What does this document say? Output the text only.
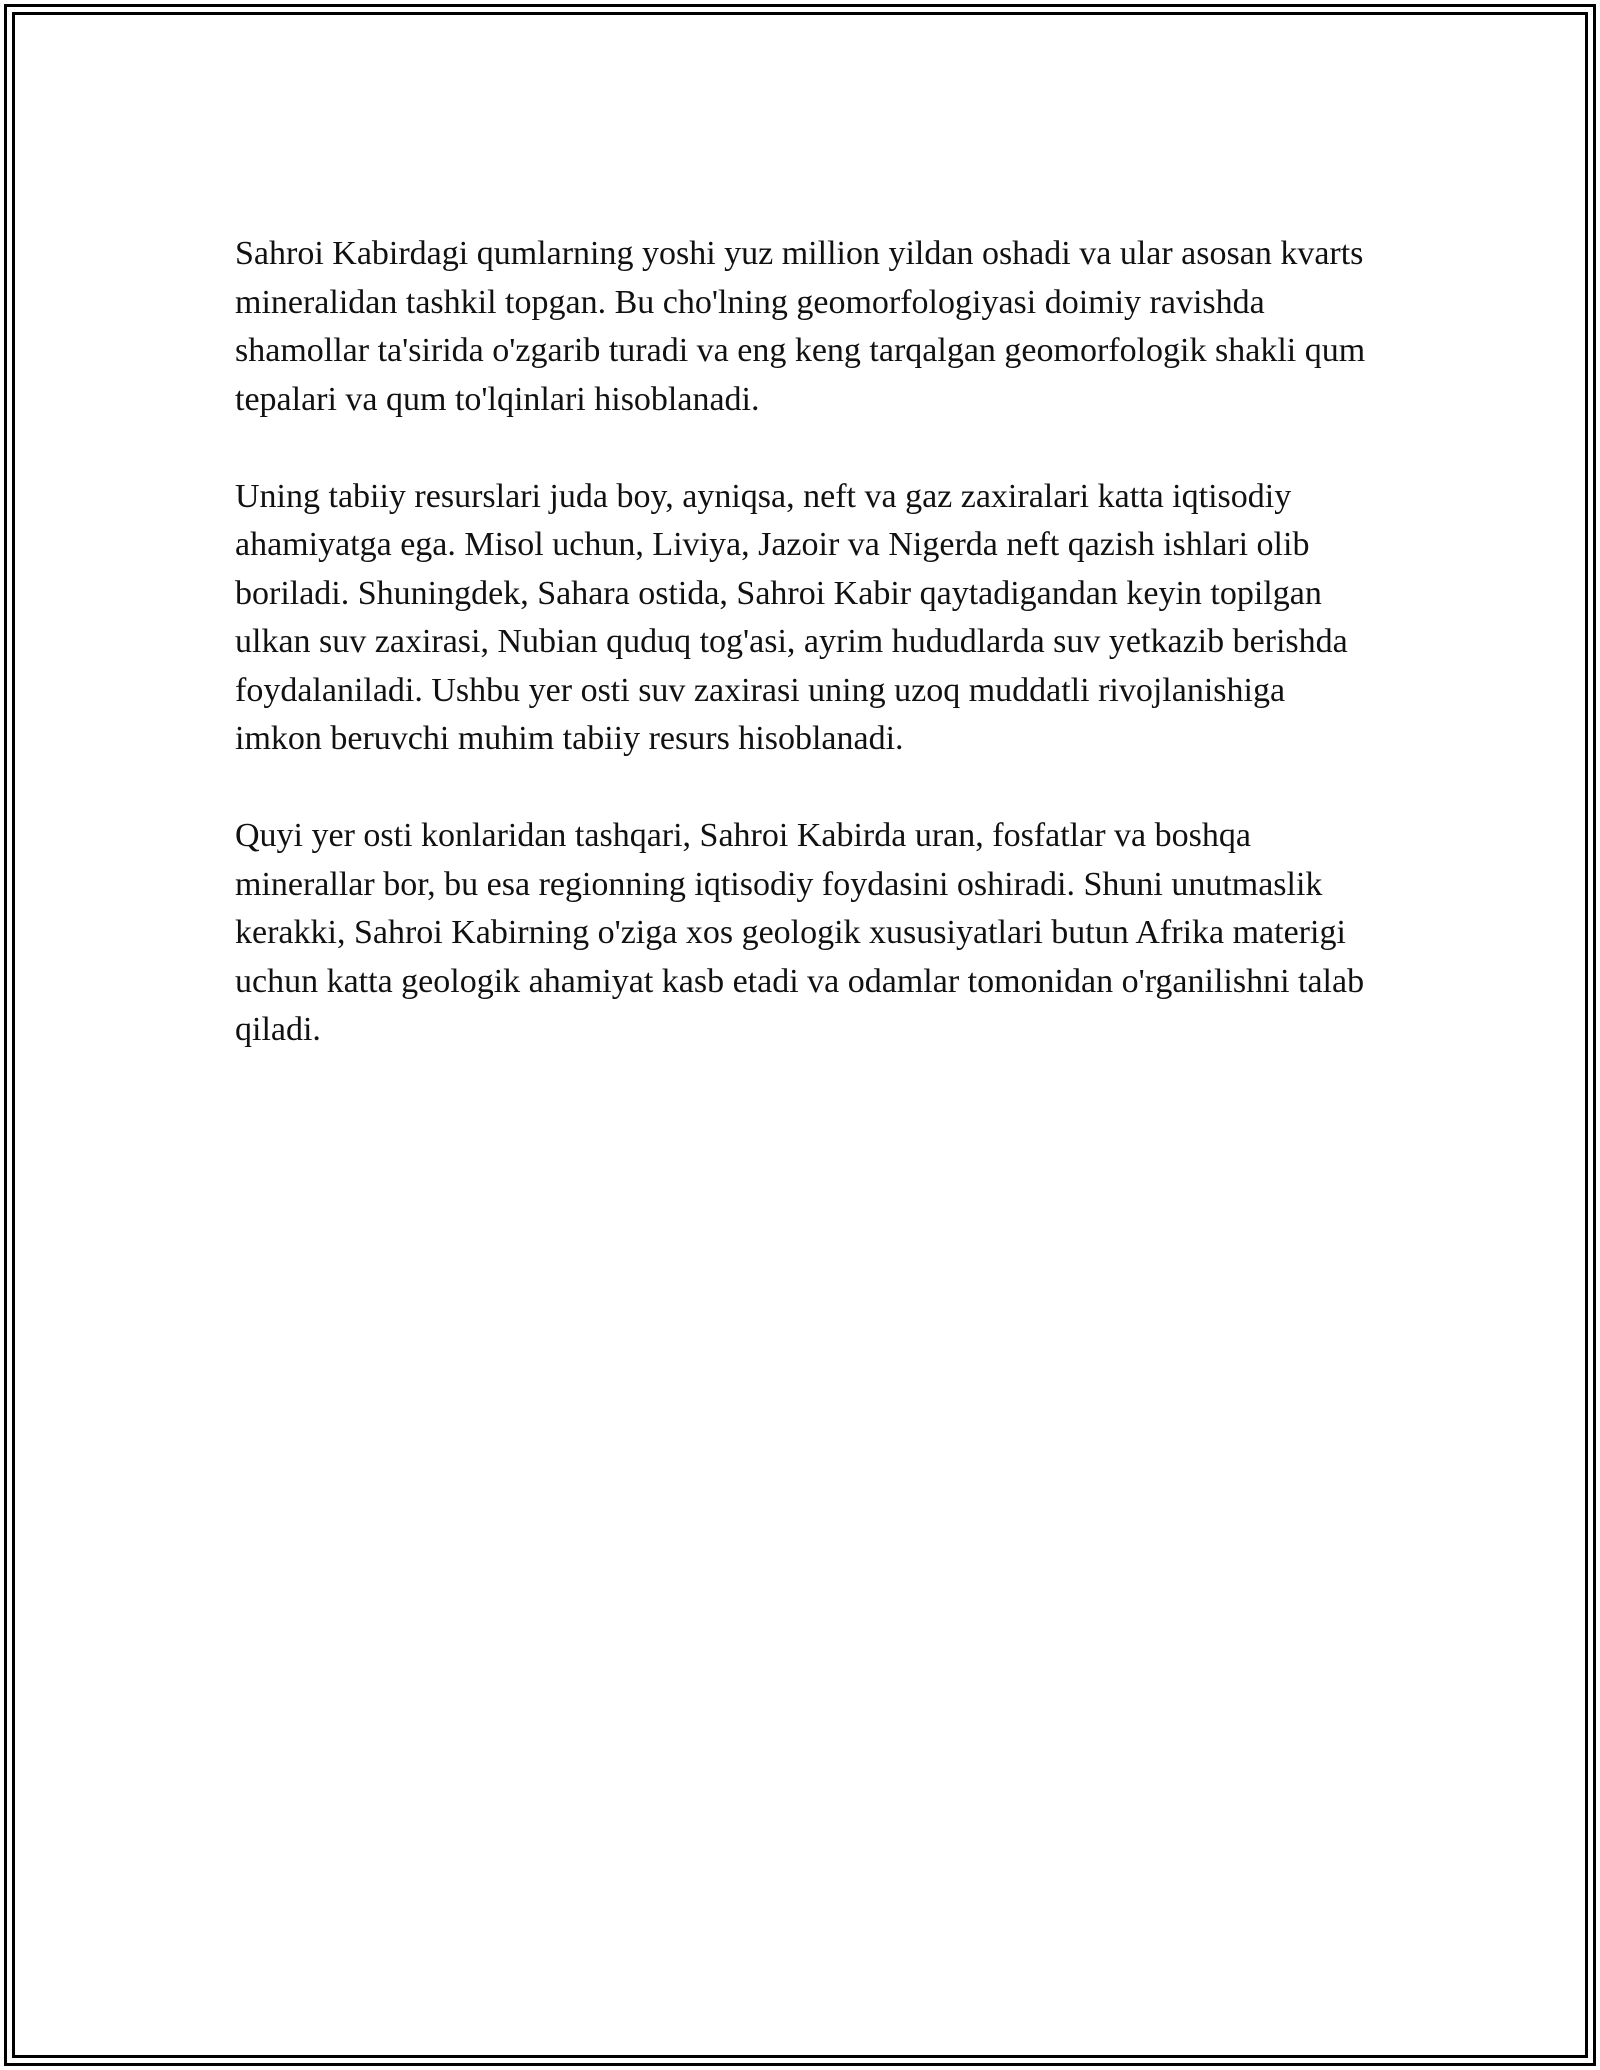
Sahroi Kabirdagi qumlarning yoshi yuz million yildan oshadi va ular asosan kvarts mineralidan tashkil topgan. Bu cho'lning geomorfologiyasi doimiy ravishda shamollar ta'sirida o'zgarib turadi va eng keng tarqalgan geomorfologik shakli qum tepalari va qum to'lqinlari hisoblanadi.

Uning tabiiy resurslari juda boy, ayniqsa, neft va gaz zaxiralari katta iqtisodiy ahamiyatga ega. Misol uchun, Liviya, Jazoir va Nigerda neft qazish ishlari olib boriladi. Shuningdek, Sahara ostida, Sahroi Kabir qaytadigandan keyin topilgan ulkan suv zaxirasi, Nubian quduq tog'asi, ayrim hududlarda suv yetkazib berishda foydalaniladi. Ushbu yer osti suv zaxirasi uning uzoq muddatli rivojlanishiga imkon beruvchi muhim tabiiy resurs hisoblanadi.

Quyi yer osti konlaridan tashqari, Sahroi Kabirda uran, fosfatlar va boshqa minerallar bor, bu esa regionning iqtisodiy foydasini oshiradi. Shuni unutmaslik kerakki, Sahroi Kabirning o'ziga xos geologik xususiyatlari butun Afrika materigi uchun katta geologik ahamiyat kasb etadi va odamlar tomonidan o'rganilishni talab qiladi.
